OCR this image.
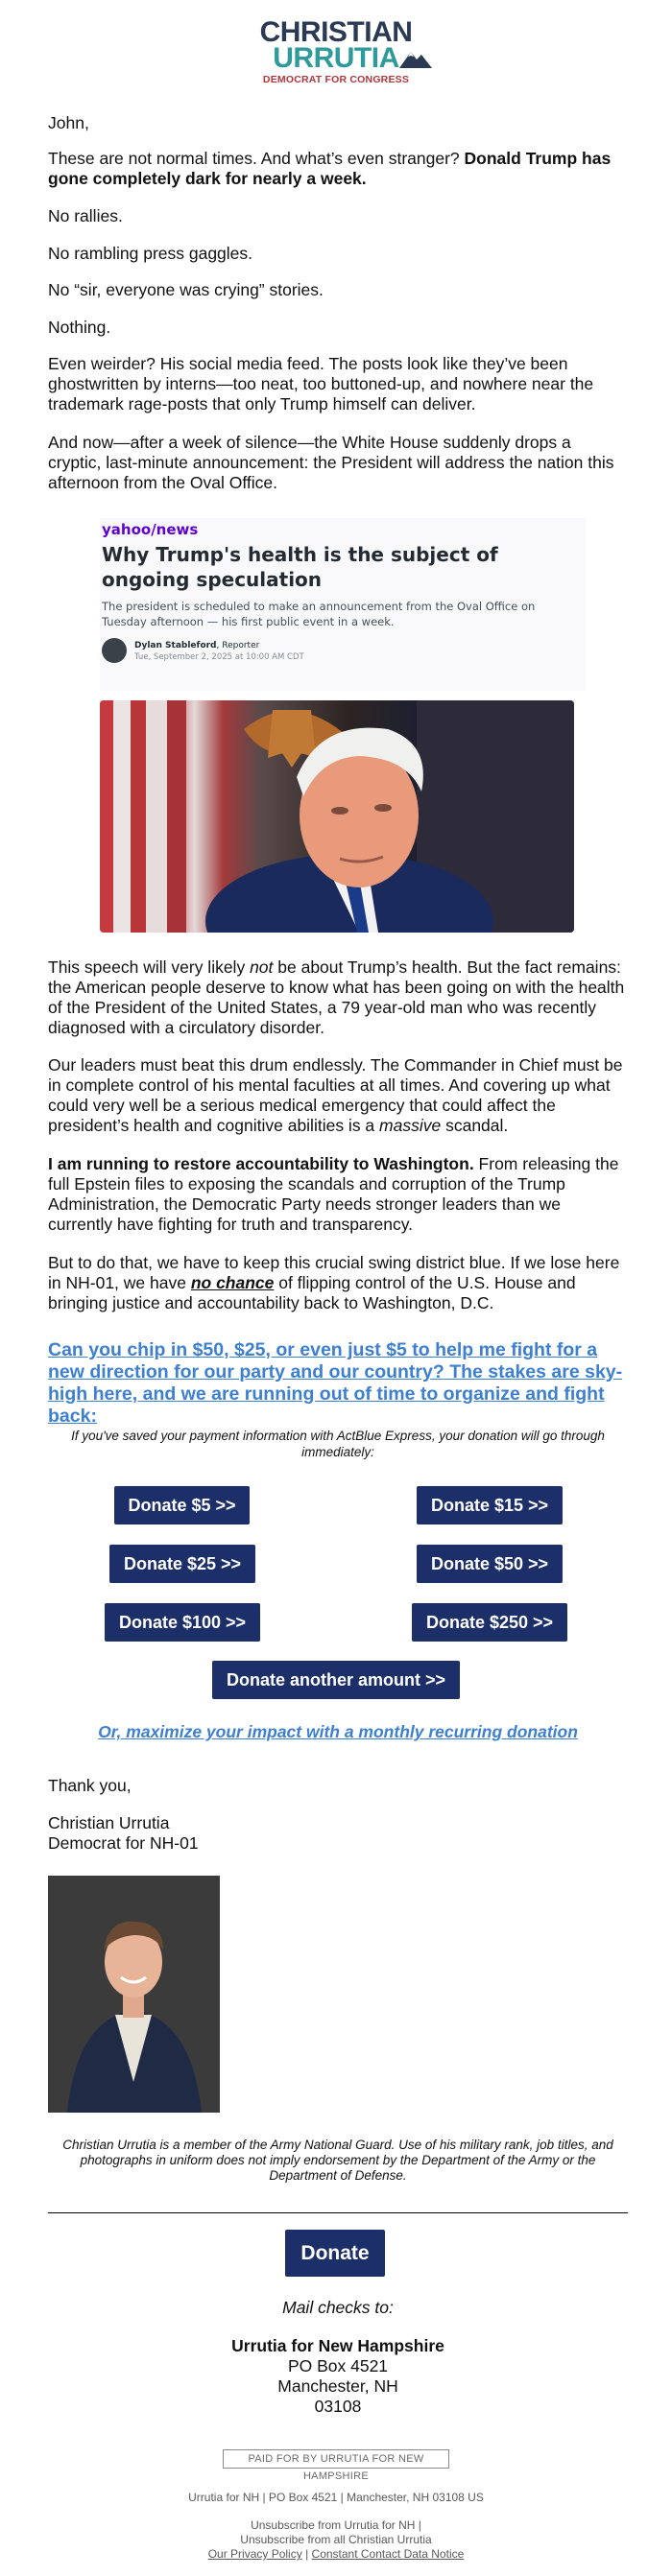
CHRISTIAN
URRUTIA
DEMOCRAT FOR CONGRESS
John,
These are not normal times. And what’s even stranger? Donald Trump has gone completely dark for nearly a week.
No rallies.
No rambling press gaggles.
No “sir, everyone was crying” stories.
Nothing.
Even weirder? His social media feed. The posts look like they’ve been ghostwritten by interns—too neat, too buttoned-up, and nowhere near the trademark rage-posts that only Trump himself can deliver.
And now—after a week of silence—the White House suddenly drops a cryptic, last-minute announcement: the President will address the nation this afternoon from the Oval Office.
yahoo/news
Why Trump's health is the subject of ongoing speculation
The president is scheduled to make an announcement from the Oval Office on Tuesday afternoon — his first public event in a week.
Dylan Stableford, Reporter
Tue, September 2, 2025 at 10:00 AM CDT
This speech will very likely not be about Trump’s health. But the fact remains: the American people deserve to know what has been going on with the health of the President of the United States, a 79 year-old man who was recently diagnosed with a circulatory disorder.
Our leaders must beat this drum endlessly. The Commander in Chief must be in complete control of his mental faculties at all times. And covering up what could very well be a serious medical emergency that could affect the president’s health and cognitive abilities is a massive scandal.
I am running to restore accountability to Washington. From releasing the full Epstein files to exposing the scandals and corruption of the Trump Administration, the Democratic Party needs stronger leaders than we currently have fighting for truth and transparency.
But to do that, we have to keep this crucial swing district blue. If we lose here in NH-01, we have no chance of flipping control of the U.S. House and bringing justice and accountability back to Washington, D.C.
Can you chip in $50, $25, or even just $5 to help me fight for a new direction for our party and our country? The stakes are sky-high here, and we are running out of time to organize and fight back:
If you've saved your payment information with ActBlue Express, your donation will go through immediately:
Donate $5 >>	Donate $15 >>
Donate $25 >>	Donate $50 >>
Donate $100 >>	Donate $250 >>
Donate another amount >>
Or, maximize your impact with a monthly recurring donation
Thank you,
Christian Urrutia
Democrat for NH-01
Christian Urrutia is a member of the Army National Guard. Use of his military rank, job titles, and photographs in uniform does not imply endorsement by the Department of the Army or the Department of Defense.
Donate
Mail checks to:
Urrutia for New Hampshire
PO Box 4521
Manchester, NH
03108
PAID FOR BY URRUTIA FOR NEW HAMPSHIRE
Urrutia for NH | PO Box 4521 | Manchester, NH 03108 US
Unsubscribe from Urrutia for NH |
Unsubscribe from all Christian Urrutia
Our Privacy Policy | Constant Contact Data Notice
